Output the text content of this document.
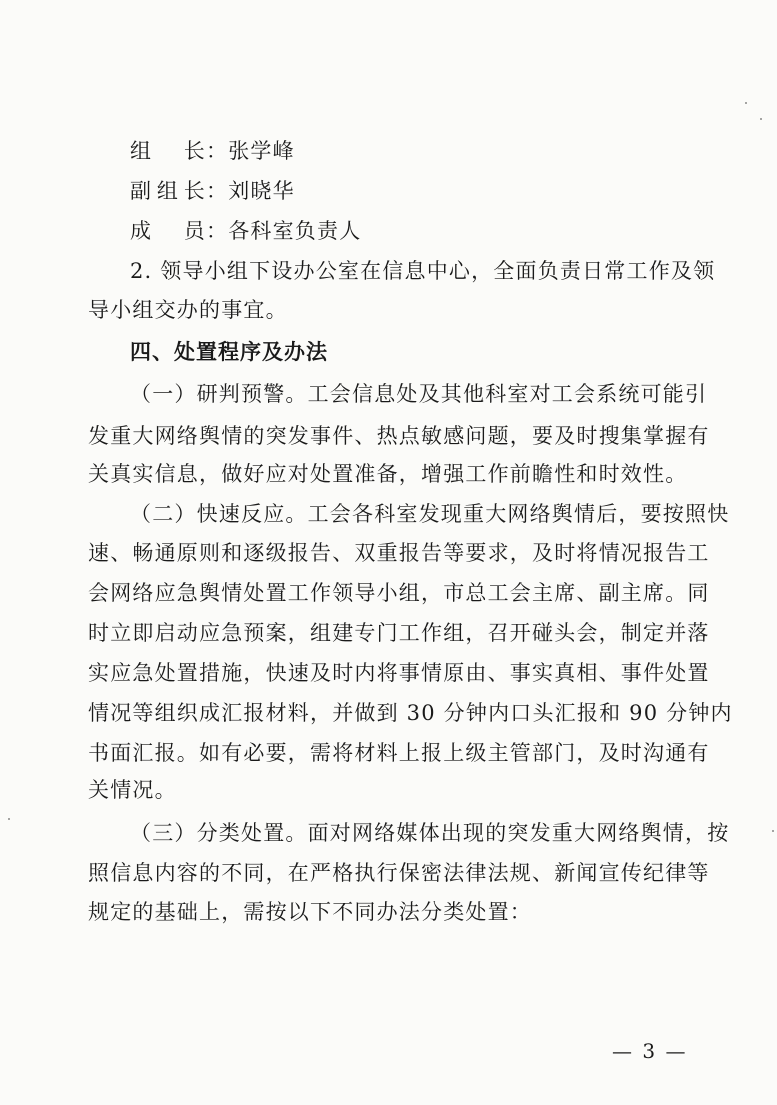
组长：张学峰
副组长：刘晓华
成员：各科室负责人
2. 领导小组下设办公室在信息中心，全面负责日常工作及领
导小组交办的事宜。
四、处置程序及办法
（一）研判预警。工会信息处及其他科室对工会系统可能引
发重大网络舆情的突发事件、热点敏感问题，要及时搜集掌握有
关真实信息，做好应对处置准备，增强工作前瞻性和时效性。
（二）快速反应。工会各科室发现重大网络舆情后，要按照快
速、畅通原则和逐级报告、双重报告等要求，及时将情况报告工
会网络应急舆情处置工作领导小组，市总工会主席、副主席。同
时立即启动应急预案，组建专门工作组，召开碰头会，制定并落
实应急处置措施，快速及时内将事情原由、事实真相、事件处置
情况等组织成汇报材料，并做到 30 分钟内口头汇报和 90 分钟内
书面汇报。如有必要，需将材料上报上级主管部门，及时沟通有
关情况。
（三）分类处置。面对网络媒体出现的突发重大网络舆情，按
照信息内容的不同，在严格执行保密法律法规、新闻宣传纪律等
规定的基础上，需按以下不同办法分类处置：
— 3 —
